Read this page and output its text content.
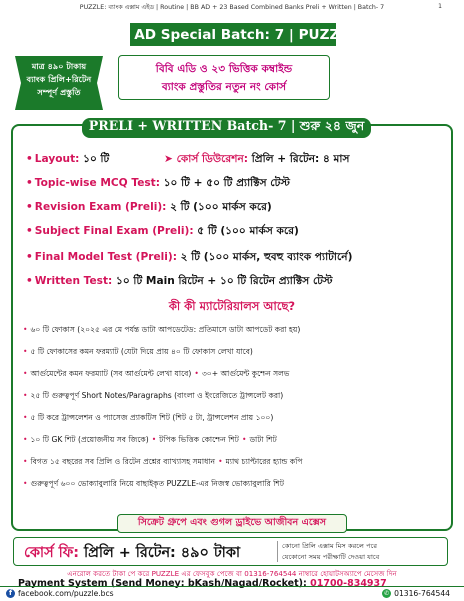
PUZZLE: ব্যাংক এক্সাম এইড | Routine | BB AD + 23 Based Combined Banks Preli + Written | Batch- 7	1
BB AD Special Batch: 7 | PUZZLE
মাত্র ৪৯০ টাকায়
ব্যাংক প্রিলি+রিটেন
সম্পূর্ণ প্রস্তুতি
বিবি এডি ও ২৩ ভিত্তিক কম্বাইন্ড
ব্যাংক প্রস্তুতির নতুন নং কোর্স
PRELI + WRITTEN Batch- 7 | শুরু ২৪ জুন
• Layout: ১০ টি	➤ কোর্স ডিউরেশন: প্রিলি + রিটেন: ৪ মাস
• Topic-wise MCQ Test: ১০ টি + ৫০ টি প্র্যাক্টিস টেস্ট
• Revision Exam (Preli): ২ টি (১০০ মার্কস করে)
• Subject Final Exam (Preli): ৫ টি (১০০ মার্কস করে)
• Final Model Test (Preli): ২ টি (১০০ মার্কস, হুবহু ব্যাংক প্যাটার্নে)
• Written Test: ১০ টি Main রিটেন + ১০ টি রিটেন প্র্যাক্টিস টেস্ট
কী কী ম্যাটেরিয়ালস আছে?
• ৬০ টি ফোকাস (২০২৫ এর মে পর্যন্ত ডাটা আপডেটেড: প্রতিমাসে ডাটা আপডেট করা হয়)
• ৫ টি ফোকাসের কমন ফরম্যাট (যেটা দিয়ে প্রায় ৪০ টি ফোকাস লেখা যাবে)
• আর্গুমেন্টের কমন ফরম্যাট (সব আর্গুমেন্ট লেখা যাবে) • ৩০+ আর্গুমেন্ট কুশ্চেন সলভ
• ২৫ টি গুরুত্বপূর্ণ Short Notes/Paragraphs (বাংলা ও ইংরেজিতে ট্রান্সলেট করা)
• ৫ টি করে ট্রান্সলেশন ও প্যাসেজ প্র্যাকটিস শিট (শিট ৫ টা, ট্রান্সলেশন প্রায় ১০০)
• ১০ টি GK শিট (প্রয়োজনীয় সব জিকে) • টপিক ভিত্তিক কোশ্চেন শিট • ডাটা শিট
• বিগত ১৫ বছরের সব প্রিলি ও রিটেন প্রশ্নের ব্যাখ্যাসহ সমাধান • ম্যাথ চ্যাপ্টারের হ্যান্ড কপি
• গুরুত্বপূর্ণ ৬০০ ভোক্যাবুলারি নিয়ে বাছাইকৃত PUZZLE-এর নিজস্ব ভোক্যাবুলারি শিট
সিক্রেট গ্রুপে এবং গুগল ড্রাইভে আজীবন এক্সেস
কোর্স ফি: প্রিলি + রিটেন: ৪৯০ টাকা	কোনো প্রিলি এক্সাম মিস করলে পরে
যেকোনো সময় পরীক্ষাটি দেওয়া যাবে
এনরোল করতে টাকা পে করে PUZZLE এর ফেসবুক পেজে বা 01316-764544 নাম্বারে হোয়াটসঅ্যাপে মেসেজ দিন
Payment System (Send Money: bKash/Nagad/Rocket): 01700-834937
f facebook.com/puzzle.bcs	✆ 01316-764544
